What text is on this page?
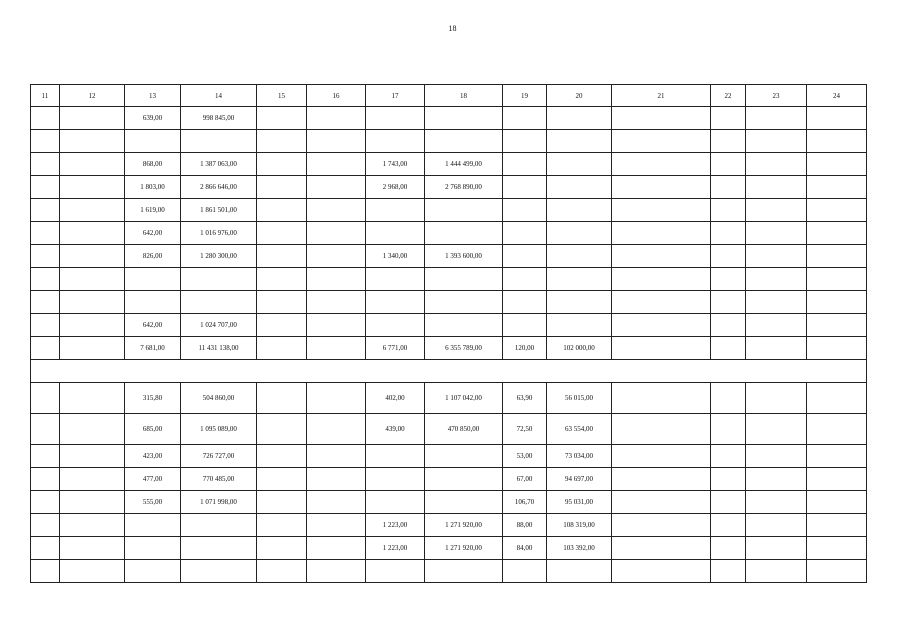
18
11	12	13	14	15	16	17	18	19	20	21	22	23	24
		639,00	998 845,00										

		868,00	1 387 063,00			1 743,00	1 444 499,00						
		1 803,00	2 866 646,00			2 968,00	2 768 890,00						
		1 619,00	1 861 501,00										
		642,00	1 016 976,00										
		826,00	1 280 300,00			1 340,00	1 393 600,00						

		642,00	1 024 707,00										
		7 681,00	11 431 138,00			6 771,00	6 355 789,00	120,00	102 000,00				

		315,80	504 860,00			402,00	1 107 042,00	63,90	56 015,00				
		685,00	1 095 089,00			439,00	470 850,00	72,50	63 554,00				
		423,00	726 727,00					53,00	73 034,00				
		477,00	770 485,00					67,00	94 697,00				
		555,00	1 071 998,00					106,70	95 031,00				
						1 223,00	1 271 920,00	88,00	108 319,00				
						1 223,00	1 271 920,00	84,00	103 392,00				
